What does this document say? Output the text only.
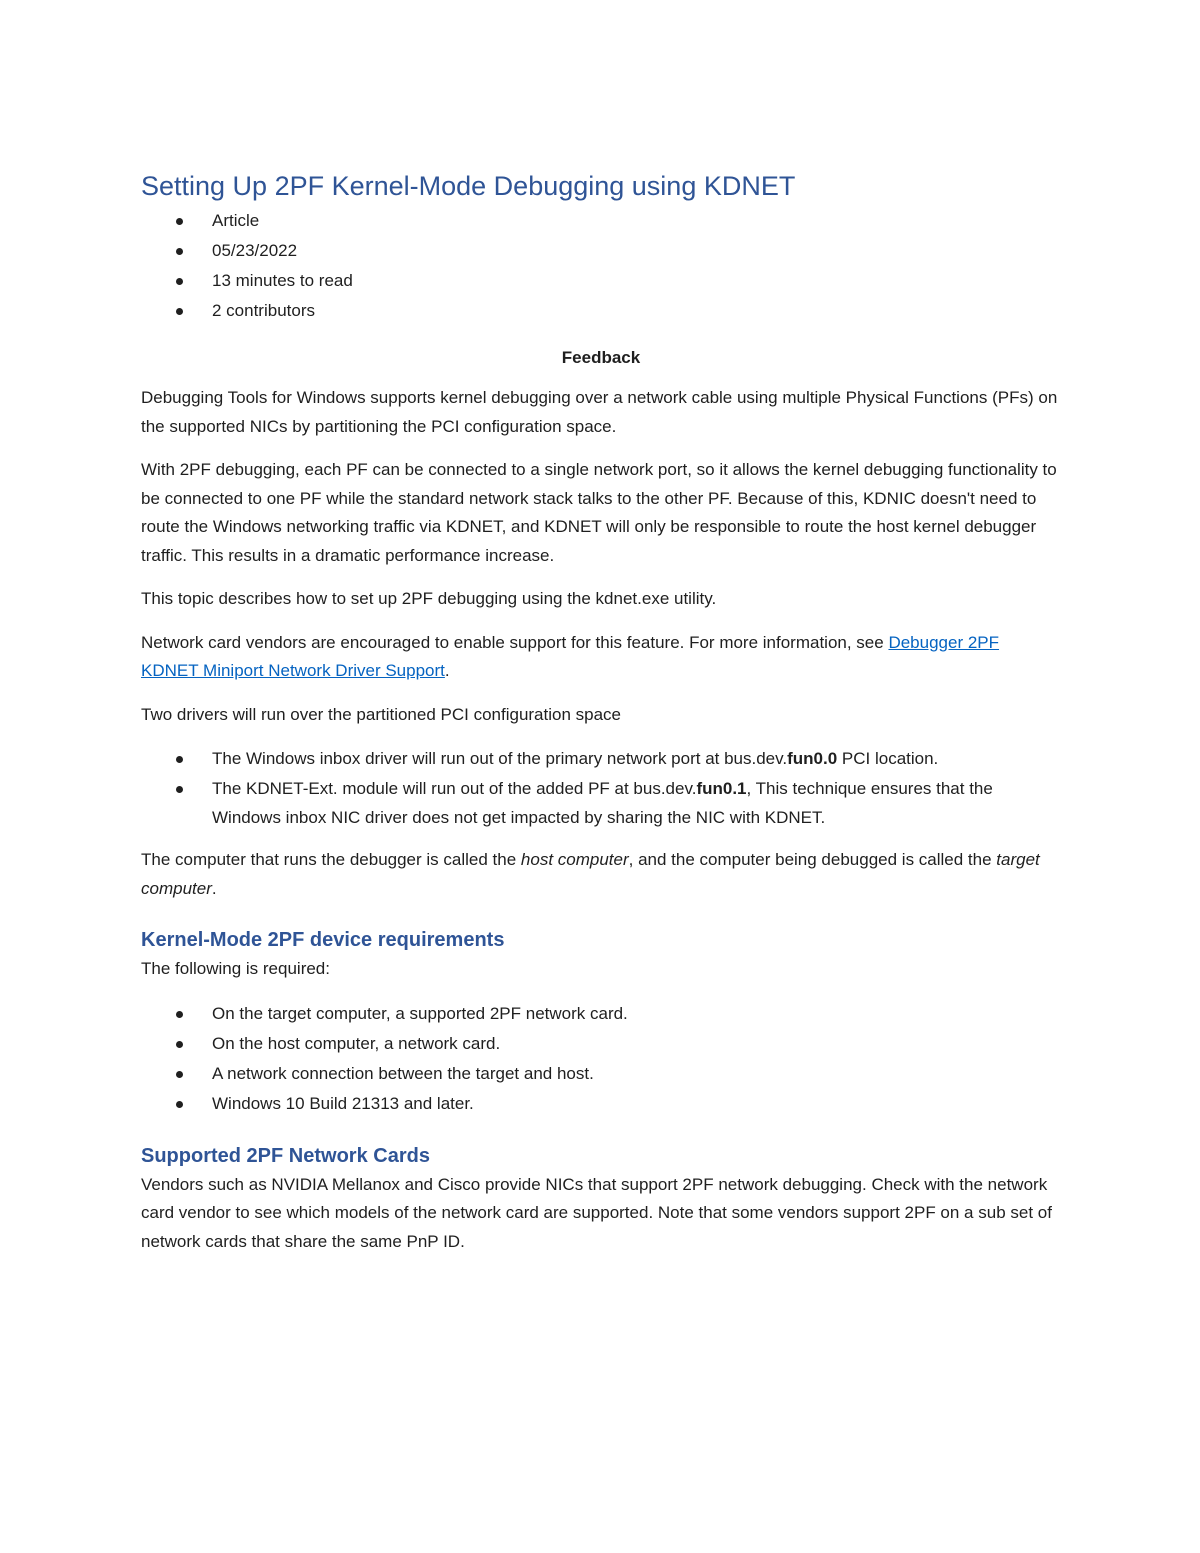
Setting Up 2PF Kernel-Mode Debugging using KDNET
Article
05/23/2022
13 minutes to read
2 contributors
Feedback

Debugging Tools for Windows supports kernel debugging over a network cable using multiple Physical Functions (PFs) on the supported NICs by partitioning the PCI configuration space.

With 2PF debugging, each PF can be connected to a single network port, so it allows the kernel debugging functionality to be connected to one PF while the standard network stack talks to the other PF. Because of this, KDNIC doesn't need to route the Windows networking traffic via KDNET, and KDNET will only be responsible to route the host kernel debugger traffic. This results in a dramatic performance increase.

This topic describes how to set up 2PF debugging using the kdnet.exe utility.

Network card vendors are encouraged to enable support for this feature. For more information, see Debugger 2PF KDNET Miniport Network Driver Support.

Two drivers will run over the partitioned PCI configuration space

The Windows inbox driver will run out of the primary network port at bus.dev.fun0.0 PCI location.
The KDNET-Ext. module will run out of the added PF at bus.dev.fun0.1, This technique ensures that the Windows inbox NIC driver does not get impacted by sharing the NIC with KDNET.

The computer that runs the debugger is called the host computer, and the computer being debugged is called the target computer.

Kernel-Mode 2PF device requirements

The following is required:

On the target computer, a supported 2PF network card.
On the host computer, a network card.
A network connection between the target and host.
Windows 10 Build 21313 and later.
Supported 2PF Network Cards

Vendors such as NVIDIA Mellanox and Cisco provide NICs that support 2PF network debugging. Check with the network card vendor to see which models of the network card are supported. Note that some vendors support 2PF on a sub set of network cards that share the same PnP ID.
